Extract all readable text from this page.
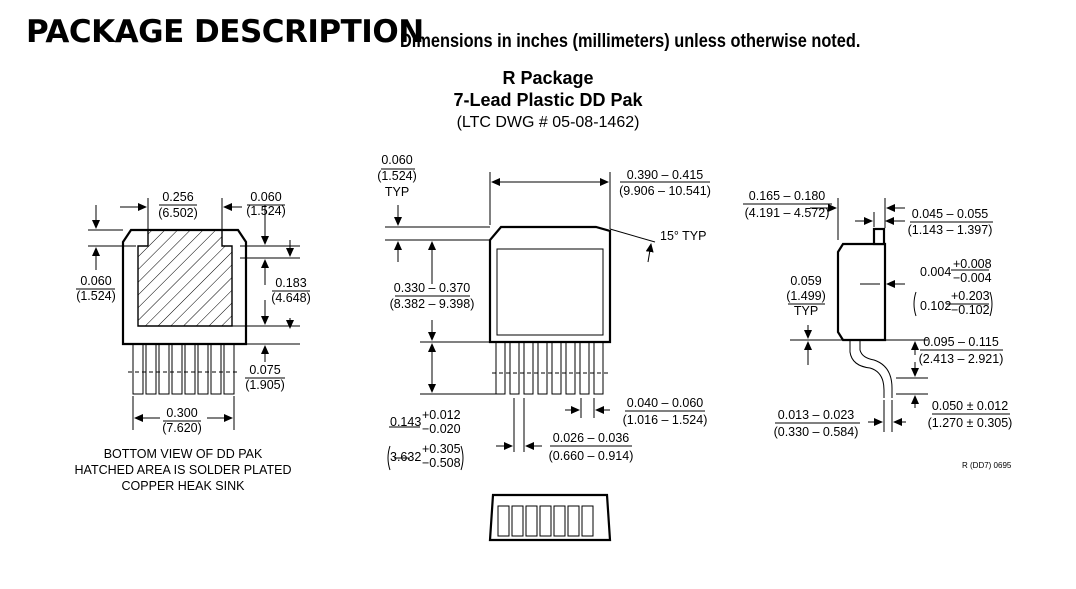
PACKAGE DESCRIPTION
Dimensions in inches (millimeters) unless otherwise noted.
R Package
7-Lead Plastic DD Pak
(LTC DWG # 05-08-1462)
0.256
(6.502)
0.060
(1.524)
0.060
(1.524)
0.183
(4.648)
0.075
(1.905)
0.300
(7.620)
BOTTOM VIEW OF DD PAK
HATCHED AREA IS SOLDER PLATED
COPPER HEAK SINK
0.060
(1.524)
TYP
0.390 – 0.415
(9.906 – 10.541)
15° TYP
0.330 – 0.370
(8.382 – 9.398)
0.143 +0.012
−0.020
3.632
+0.305
−0.508
0.040 – 0.060
(1.016 – 1.524)
0.026 – 0.036
(0.660 – 0.914)
0.165 – 0.180
(4.191 – 4.572)	0.045 – 0.055
(1.143 – 1.397)
0.004
+0.008
−0.004
0.102
+0.203
−0.102
0.059
(1.499)
TYP
0.095 – 0.115
(2.413 – 2.921)
0.013 – 0.023
(0.330 – 0.584)
0.050 ± 0.012
(1.270 ± 0.305)
R (DD7) 0695
